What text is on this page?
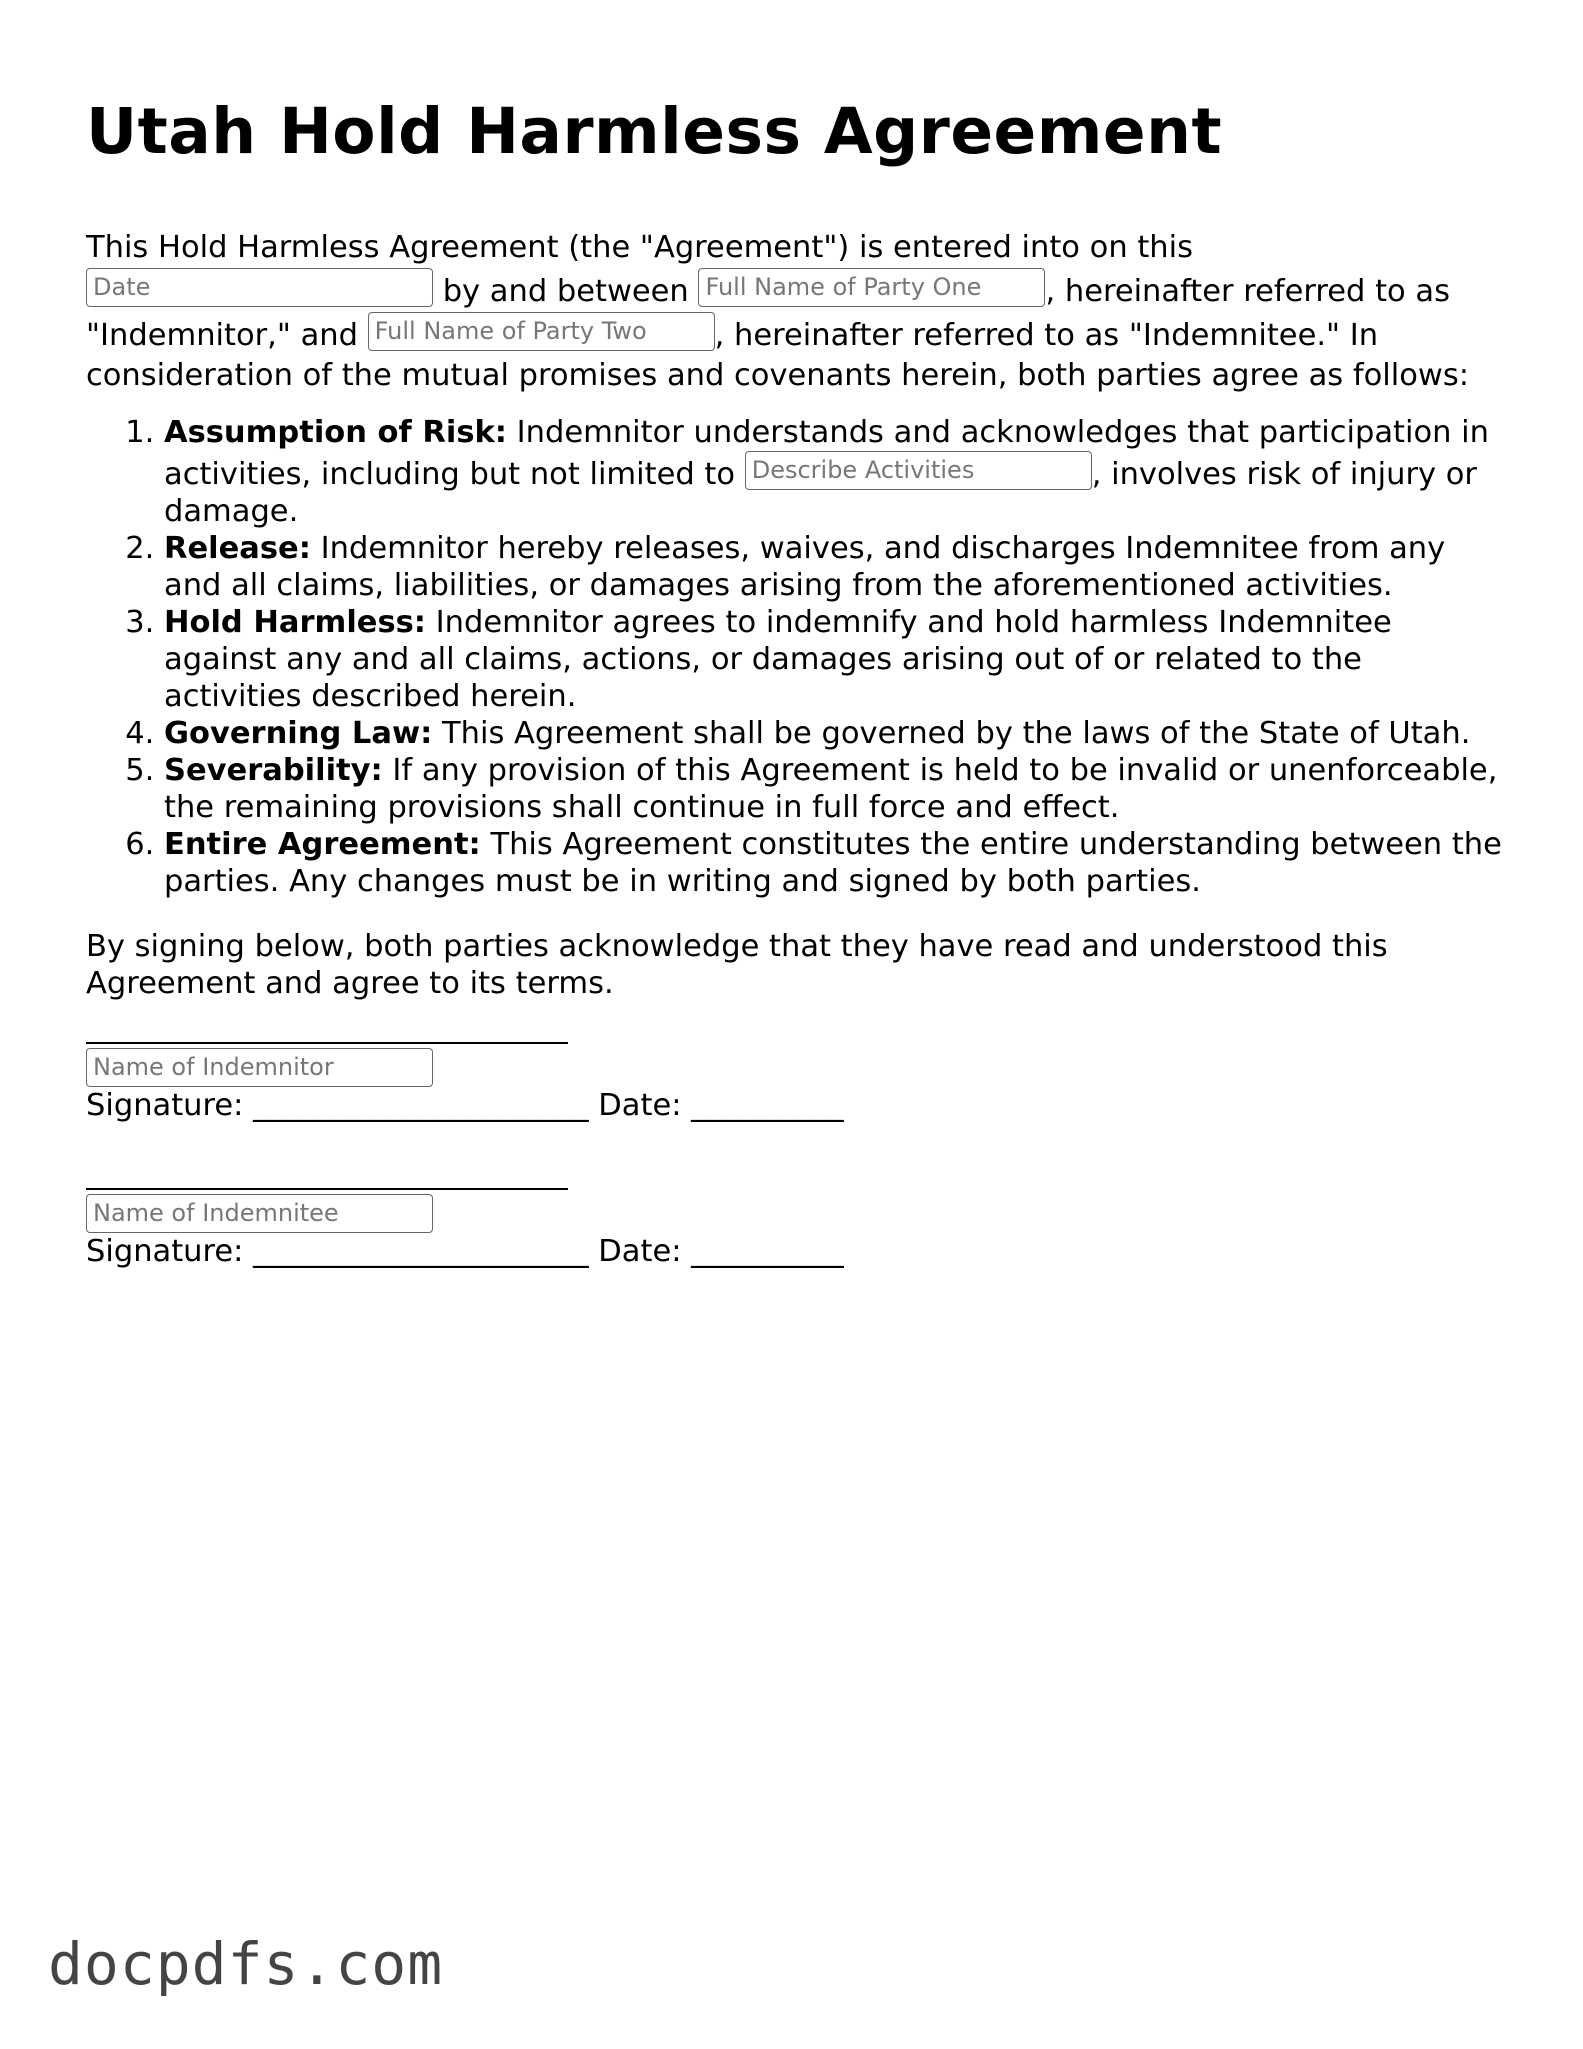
Utah Hold Harmless Agreement

This Hold Harmless Agreement (the "Agreement") is entered into on this Date	by and between Full Name of Party One , hereinafter referred to as "Indemnitor," and Full Name of Party Two , hereinafter referred to as "Indemnitee." In consideration of the mutual promises and covenants herein, both parties agree as follows:

1. Assumption of Risk: Indemnitor understands and acknowledges that participation in activities, including but not limited to Describe Activities	, involves risk of injury or damage.
2. Release: Indemnitor hereby releases, waives, and discharges Indemnitee from any and all claims, liabilities, or damages arising from the aforementioned activities.
3. Hold Harmless: Indemnitor agrees to indemnify and hold harmless Indemnitee against any and all claims, actions, or damages arising out of or related to the activities described herein.
4. Governing Law: This Agreement shall be governed by the laws of the State of Utah.
5. Severability: If any provision of this Agreement is held to be invalid or unenforceable, the remaining provisions shall continue in full force and effect.
6. Entire Agreement: This Agreement constitutes the entire understanding between the parties. Any changes must be in writing and signed by both parties.

By signing below, both parties acknowledge that they have read and understood this Agreement and agree to its terms.

Name of Indemnitor
Signature: ______________________ Date: __________
Name of Indemnitee
Signature: ______________________ Date: __________
docpdfs.com
